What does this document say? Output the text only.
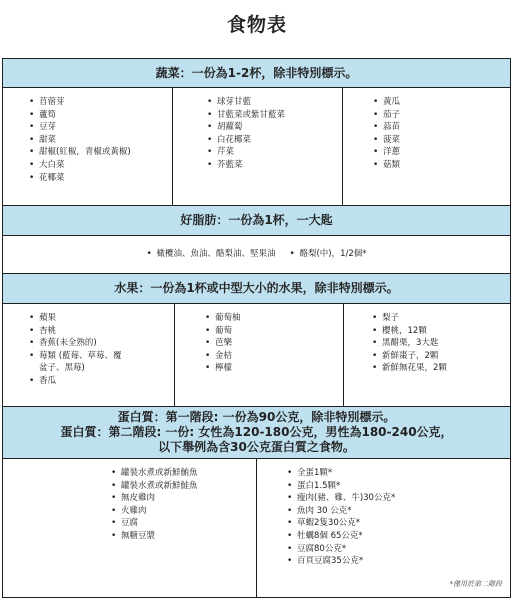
食物表
蔬菜：一份為1-2杯，除非特別標示。
• 苜蓿芽
• 蘆筍
• 豆芽
• 甜菜
• 甜椒(紅椒，青椒或黃椒)
• 大白菜
• 花椰菜
• 球芽甘藍
• 甘藍菜或紫甘藍菜
• 胡蘿蔔
• 白花椰菜
• 芹菜
• 芥藍菜
• 黃瓜
• 茄子
• 蒜苗
• 菠菜
• 洋蔥
• 菇類
好脂肪：一份為1杯，一大匙
• 橄欖油、魚油、酪梨油、堅果油
•	酪梨(中)，1/2個*
水果：一份為1杯或中型大小的水果，除非特別標示。
• 蘋果
• 杏桃
• 香蕉(未全熟的)
• 莓類 (藍莓、草莓、覆
盆子、黑莓)
• 香瓜
• 葡萄柚
• 葡萄
• 芭樂
• 金桔
• 檸檬
• 梨子
• 櫻桃，12顆
• 黑醋栗，3大匙
• 新鮮棗子，2顆
• 新鮮無花果，2顆
蛋白質：第一階段: 一份為90公克，除非特別標示。
蛋白質：第二階段: 一份: 女性為120-180公克，男性為180-240公克，
以下舉例為含30公克蛋白質之食物。
• 罐裝水煮或新鮮鮪魚
• 罐裝水煮或新鮮鮭魚
• 無皮雞肉
• 火雞肉
• 豆腐
• 無糖豆漿
• 全蛋1顆*
• 蛋白1.5顆*
• 瘦肉(豬、雞、牛)30公克*
• 魚肉 30 公克*
• 草蝦2隻30公克*
• 牡蠣8個 65公克*
• 豆腐80公克*
• 百頁豆腐35公克*
*僅用於第二階段
